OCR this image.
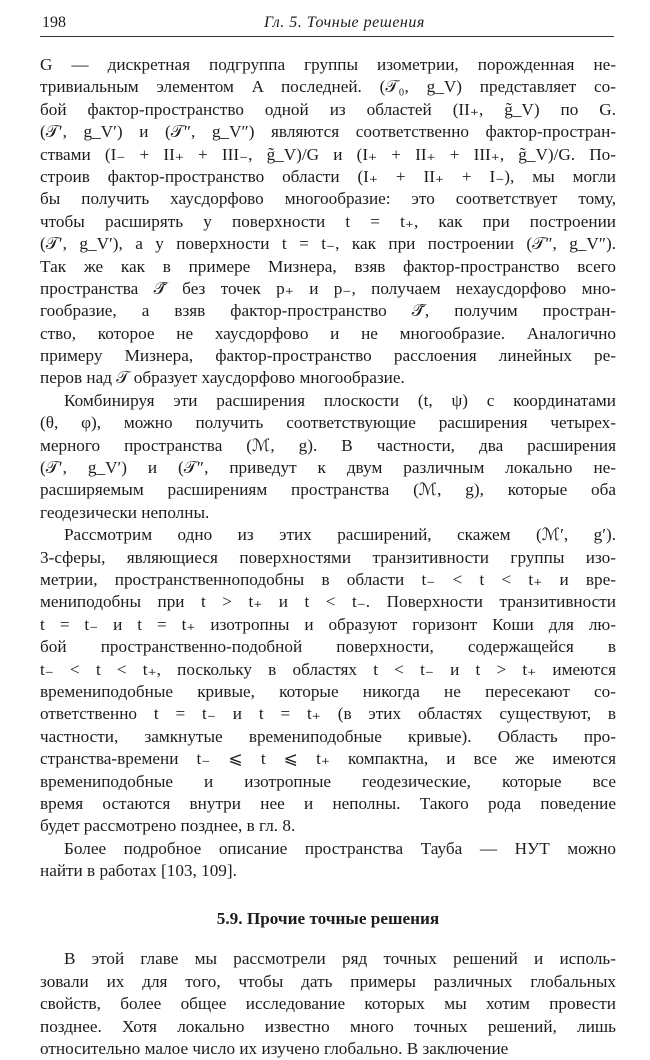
198	Гл. 5. Точные решения

G — дискретная подгруппа группы изометрии, порожденная не-
тривиальным элементом A последней. (𝒯₀, g_V) представляет со-
бой фактор-пространство одной из областей (II₊, g̃_V) по G.
(𝒯′, g_V′) и (𝒯″, g_V″) являются соответственно фактор-простран-
ствами (I₋ + II₊ + III₋, g̃_V)/G и (I₊ + II₊ + III₊, g̃_V)/G. По-
строив фактор-пространство области (I₊ + II₊ + I₋), мы могли
бы получить хаусдорфово многообразие: это соответствует тому,
чтобы расширять у поверхности t = t₊, как при построении
(𝒯′, g_V′), а у поверхности t = t₋, как при построении (𝒯″, g_V″).
Так же как в примере Мизнера, взяв фактор-пространство всего
пространства 𝒯̃ без точек p₊ и p₋, получаем нехаусдорфово мно-
гообразие, а взяв фактор-пространство 𝒯̃, получим простран-
ство, которое не хаусдорфово и не многообразие. Аналогично
примеру Мизнера, фактор-пространство расслоения линейных ре-
перов над 𝒯 образует хаусдорфово многообразие.

Комбинируя эти расширения плоскости (t, ψ) с координатами
(θ, φ), можно получить соответствующие расширения четырех-
мерного пространства (ℳ, g). В частности, два расширения
(𝒯′, g_V′) и (𝒯″, приведут к двум различным локально не-
расширяемым расширениям пространства (ℳ, g), которые оба
геодезически неполны.

Рассмотрим одно из этих расширений, скажем (ℳ′, g′).
3-сферы, являющиеся поверхностями транзитивности группы изо-
метрии, пространственноподобны в области t₋ < t < t₊ и вре-
мениподобны при t > t₊ и t < t₋. Поверхности транзитивности
t = t₋ и t = t₊ изотропны и образуют горизонт Коши для лю-
бой пространственно-подобной поверхности, содержащейся в
t₋ < t < t₊, поскольку в областях t < t₋ и t > t₊ имеются
времениподобные кривые, которые никогда не пересекают со-
ответственно t = t₋ и t = t₊ (в этих областях существуют, в
частности, замкнутые времениподобные кривые). Область про-
странства-времени t₋ ⩽ t ⩽ t₊ компактна, и все же имеются
времениподобные и изотропные геодезические, которые все
время остаются внутри нее и неполны. Такого рода поведение
будет рассмотрено позднее, в гл. 8.

Более подробное описание пространства Тауба — НУТ можно
найти в работах [103, 109].

5.9. Прочие точные решения

В этой главе мы рассмотрели ряд точных решений и исполь-
зовали их для того, чтобы дать примеры различных глобальных
свойств, более общее исследование которых мы хотим провести
позднее. Хотя локально известно много точных решений, лишь
относительно малое число их изучено глобально. В заключение
